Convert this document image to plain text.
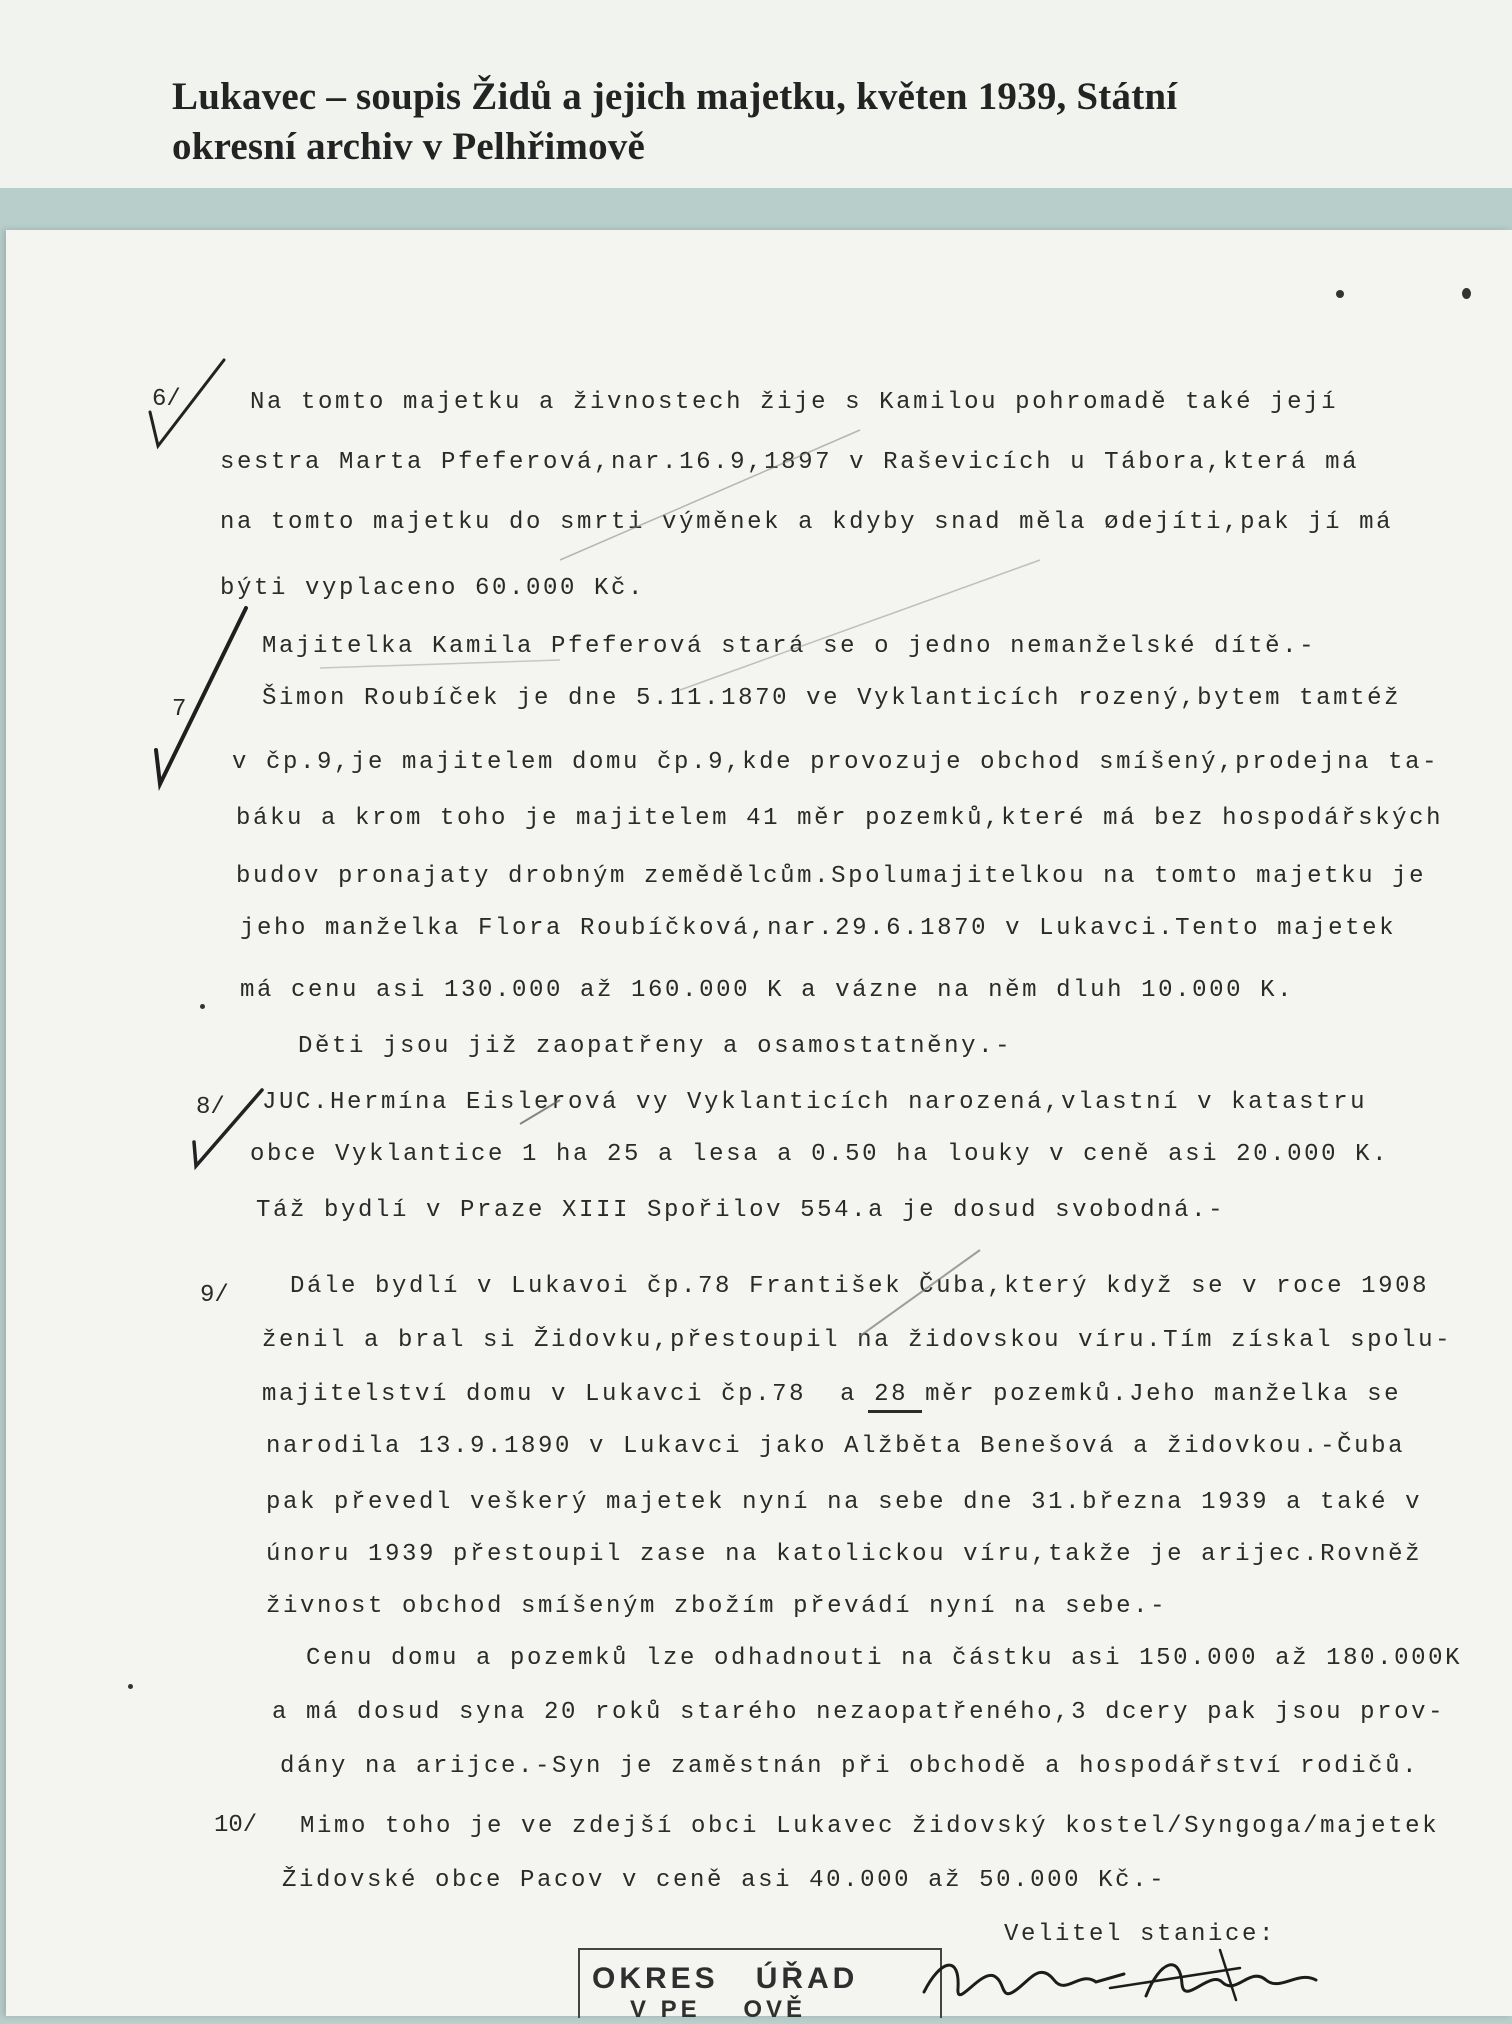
Lukavec – soupis Židů a jejich majetku, květen 1939, Státní
okresní archiv v Pelhřimově
6/
7
8/
9/
10/
Na tomto majetku a živnostech žije s Kamilou pohromadě také její
sestra Marta Pfeferová,nar.16.9,1897 v Raševicích u Tábora,která má
na tomto majetku do smrti výměnek a kdyby snad měla ødejíti,pak jí má
býti vyplaceno 60.000 Kč.
Majitelka Kamila Pfeferová stará se o jedno nemanželské dítě.-
Šimon Roubíček je dne 5.11.1870 ve Vyklanticích rozený,bytem tamtéž
v čp.9,je majitelem domu čp.9,kde provozuje obchod smíšený,prodejna ta-
báku a krom toho je majitelem 41 měr pozemků,které má bez hospodářských
budov pronajaty drobným zemědělcům.Spolumajitelkou na tomto majetku je
jeho manželka Flora Roubíčková,nar.29.6.1870 v Lukavci.Tento majetek
má cenu asi 130.000 až 160.000 K a vázne na něm dluh 10.000 K.
Děti jsou již zaopatřeny a osamostatněny.-
JUC.Hermína Eislerová vy Vyklanticích narozená,vlastní v katastru
obce Vyklantice 1 ha 25 a lesa a 0.50 ha louky v ceně asi 20.000 K.
Táž bydlí v Praze XIII Spořilov 554.a je dosud svobodná.-
Dále bydlí v Lukavoi čp.78 František Čuba,který když se v roce 1908
ženil a bral si Židovku,přestoupil na židovskou víru.Tím získal spolu-
majitelství domu v Lukavci čp.78  a 28 měr pozemků.Jeho manželka se
narodila 13.9.1890 v Lukavci jako Alžběta Benešová a židovkou.-Čuba
pak převedl veškerý majetek nyní na sebe dne 31.března 1939 a také v
únoru 1939 přestoupil zase na katolickou víru,takže je arijec.Rovněž
živnost obchod smíšeným zbožím převádí nyní na sebe.-
Cenu domu a pozemků lze odhadnouti na částku asi 150.000 až 180.000K
a má dosud syna 20 roků starého nezaopatřeného,3 dcery pak jsou prov-
dány na arijce.-Syn je zaměstnán při obchodě a hospodářství rodičů.
Mimo toho je ve zdejší obci Lukavec židovský kostel/Syngoga/majetek
Židovské obce Pacov v ceně asi 40.000 až 50.000 Kč.-
Velitel stanice:
OKRES   ÚŘAD
V PE    OVĚ
